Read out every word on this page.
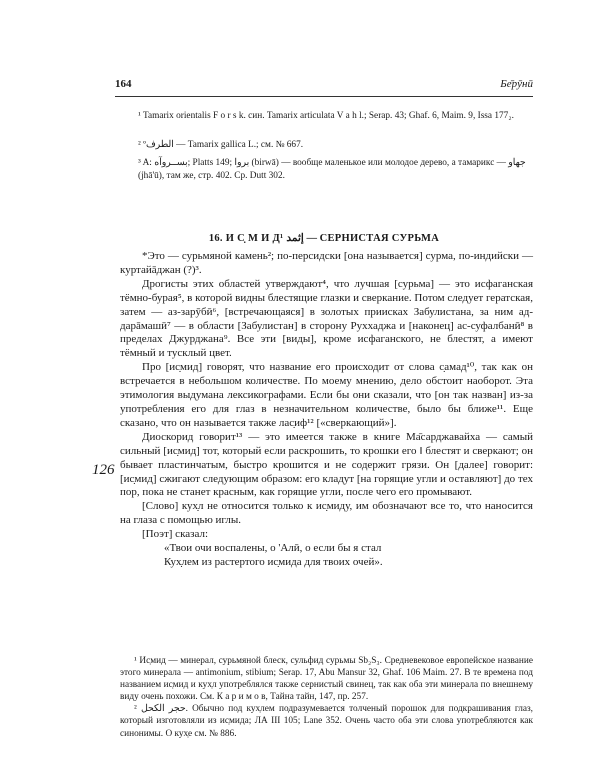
164	Бе̄рӯнӣ
¹ Tamarix orientalis F o r s k. син. Tamarix articulata V a h l.; Serap. 43; Ghaf. 6, Maim. 9, Issa 177₂.
² ºالطرف — Tamarix gallica L.; см. № 667.
³ A: بســروآه; Platts 149; بروا (birwā) — вообще маленькое или молодое дерево, а тамарикс — جهاو (jhā'ū), там же, стр. 402. Ср. Dutt 302.
16. И С̣ М И Д¹ إثمد — СЕРНИСТАЯ СУРЬМА

*Это — сурьмяной камень²; по-персидски [она называется] сурма, по-индийски — куртайāджан (?)³.

Дрогисты этих областей утверждают⁴, что лучшая [сурьма] — это исфаганская тёмно-бурая⁵, в которой видны блестящие глазки и сверкание. Потом следует гератская, затем — аз-зарӯбӣ⁶, [встречающаяся] в золотых приисках Забулистана, за ним ад-дарāмашӣ⁷ — в области [Забулистан] в сторону Руххаджа и [наконец] ас-суфалбанӣ⁸ в пределах Джурджана⁹. Все эти [виды], кроме исфаганского, не блестят, а имеют тёмный и тусклый цвет.

Про [ис̣мид] говорят, что название его происходит от слова с̣амад¹⁰, так как он встречается в небольшом количестве. По моему мнению, дело обстоит наоборот. Эта этимология выдумана лексикографами. Если бы они сказали, что [он так назван] из-за употребления его для глаз в незначительном количестве, было бы ближе¹¹. Еще сказано, что он называется также лас̣иф¹² [«сверкающий»].

Диоскорид говорит¹³ — это имеется также в книге Ма̄сарджавайха — самый сильный [ис̣мид] тот, который если раскрошить, то крошки его ‖ блестят и сверкают; он бывает пластинчатым, быстро крошится и не содержит грязи. Он [далее] говорит: [ис̣мид] сжигают следующим образом: его кладут [на горящие угли и оставляют] до тех пор, пока не станет красным, как горящие угли, после чего его промывают.

[Слово] кух̣л не относится только к ис̣миду, им обозначают все то, что наносится на глаза с помощью иглы.

[Поэт] сказал:

«Твои очи воспалены, о 'Алӣ, о если бы я стал

Кух̣лем из растертого ис̣мида для твоих очей».

126

¹ Ис̣мид — минерал, сурьмяной блеск, сульфид сурьмы Sb₂S₃. Средневековое европейское название этого минерала — antimonium, stibium; Serap. 17, Abu Mansur 32, Ghaf. 106 Maim. 27. В те времена под названием ис̣мид и кух̣л употреблялся также сернистый свинец, так как оба эти минерала по внешнему виду очень похожи. См. К а р и м о в, Тайна тайн, 147, пр. 257.

² حجر الكحل. Обычно под кух̣лем подразумевается толченый порошок для подкрашивания глаз, который изготовляли из ис̣мида; ЛА III 105; Lane 352. Очень часто оба эти слова употребляются как синонимы. О кух̣е см. № 886.
